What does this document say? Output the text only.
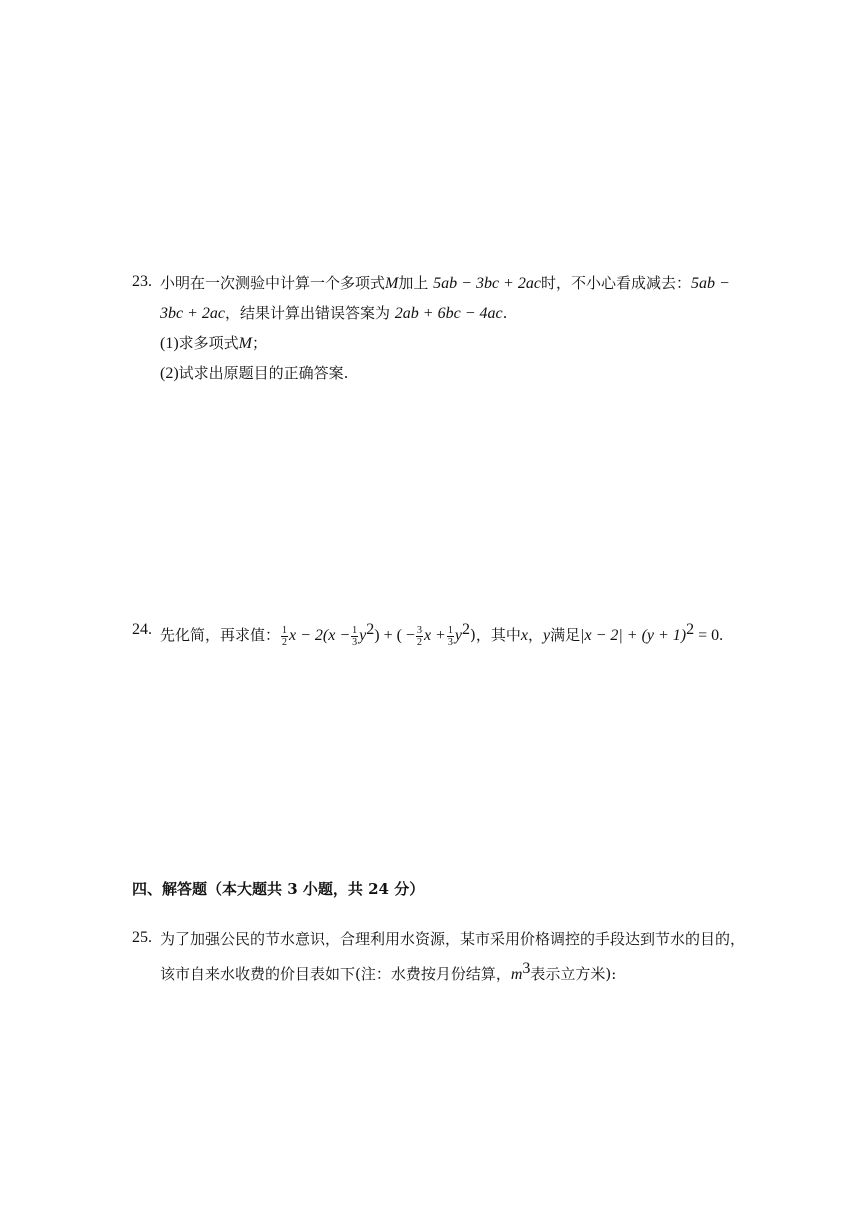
23. 小明在一次测验中计算一个多项式M加上 5ab − 3bc + 2ac时，不小心看成减去：5ab −
3bc + 2ac，结果计算出错误答案为 2ab + 6bc − 4ac.
(1)求多项式M；
(2)试求出原题目的正确答案.
24. 先化简，再求值： $\frac{1}{2}$ $x - 2(x - \frac{1}{3} y^2)$ + ( − $\frac{3}{2}$ $x + \frac{1}{3} y^2$)，其中x，y满足$|x - 2| + (y + 1)^2 = 0$.
四、解答题（本大题共 3 小题，共 24 分）
25. 为了加强公民的节水意识，合理利用水资源，某市采用价格调控的手段达到节水的目的，
该市自来水收费的价目表如下(注：水费按月份结算，$m^3$表示立方米):
